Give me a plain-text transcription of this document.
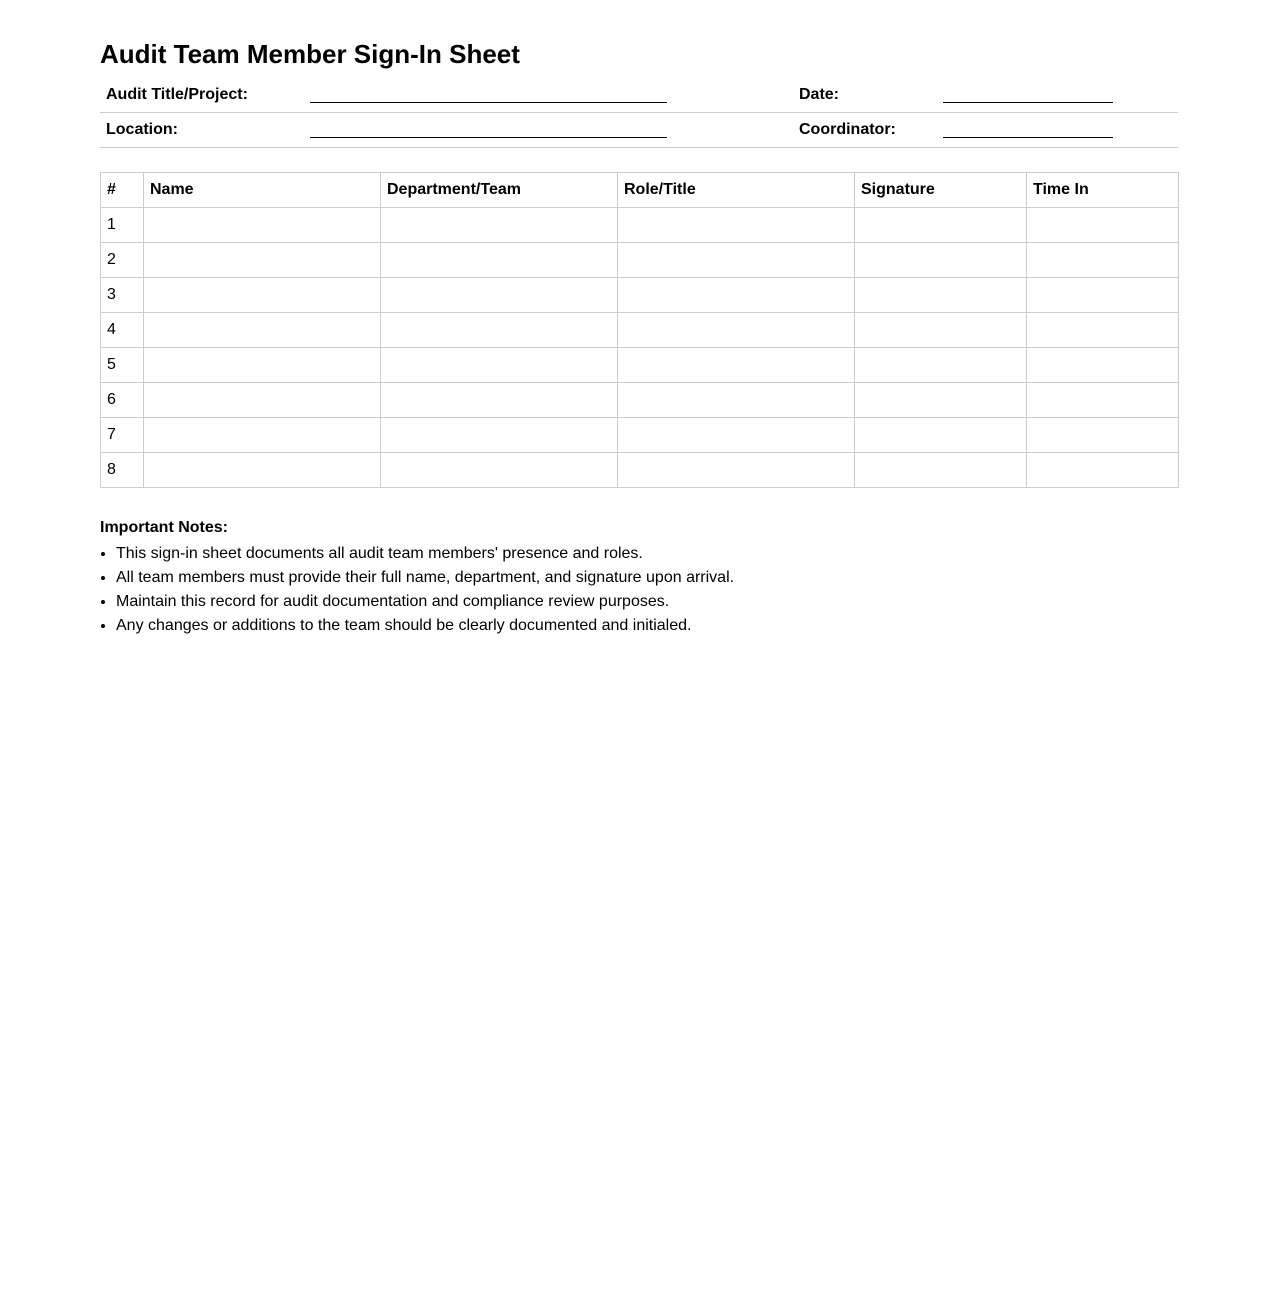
Audit Team Member Sign-In Sheet
Audit Title/Project:	Date:
Location:	Coordinator:
#	Name	Department/Team	Role/Title	Signature	Time In
1					
2					
3					
4					
5					
6					
7					
8					
Important Notes:
• This sign-in sheet documents all audit team members' presence and roles.
• All team members must provide their full name, department, and signature upon arrival.
• Maintain this record for audit documentation and compliance review purposes.
• Any changes or additions to the team should be clearly documented and initialed.
